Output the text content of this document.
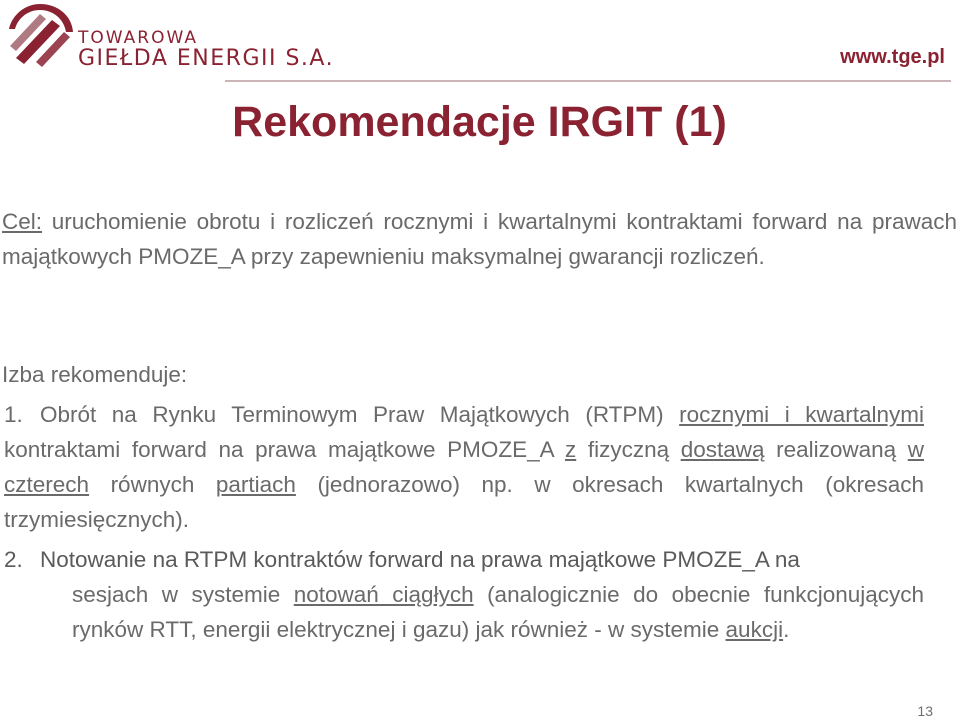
TOWAROWA
GIEŁDA ENERGII S.A.	www.tge.pl
Rekomendacje IRGIT (1)
Cel: uruchomienie obrotu i rozliczeń rocznymi i kwartalnymi kontraktami forward na prawach majątkowych PMOZE_A przy zapewnieniu maksymalnej gwarancji rozliczeń.
Izba rekomenduje:
1. Obrót na Rynku Terminowym Praw Majątkowych (RTPM) rocznymi i kwartalnymi kontraktami forward na prawa majątkowe PMOZE_A z fizyczną dostawą realizowaną w czterech równych partiach (jednorazowo) np. w okresach kwartalnych (okresach trzymiesięcznych).
2. Notowanie na RTPM kontraktów forward na prawa majątkowe PMOZE_A na
sesjach w systemie notowań ciągłych (analogicznie do obecnie funkcjonujących rynków RTT, energii elektrycznej i gazu) jak również - w systemie aukcji.
13
